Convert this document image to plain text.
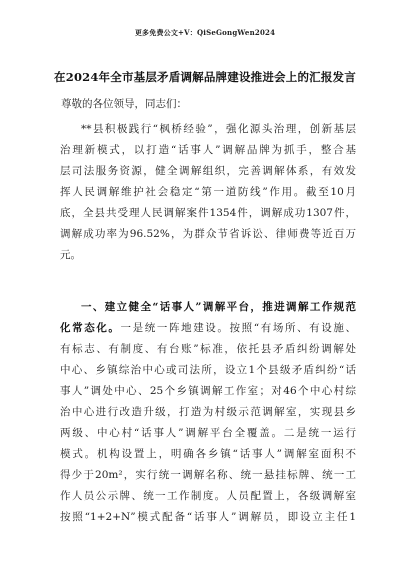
更多免费公文+V：QiSeGongWen2024
在2024年全市基层矛盾调解品牌建设推进会上的汇报发言
尊敬的各位领导，同志们：
**县积极践行“枫桥经验”，强化源头治理，创新基层
治理新模式，以打造“话事人”调解品牌为抓手，整合基
层司法服务资源，健全调解组织，完善调解体系，有效发
挥人民调解维护社会稳定“第一道防线”作用。截至10月
底，全县共受理人民调解案件1354件，调解成功1307件，
调解成功率为96.52%，为群众节省诉讼、律师费等近百万
元。
一、建立健全“话事人”调解平台，推进调解工作规范
化常态化。一是统一阵地建设。按照“有场所、有设施、
有标志、有制度、有台账”标准，依托县矛盾纠纷调解处
中心、乡镇综治中心或司法所，设立1个县级矛盾纠纷“话
事人”调处中心、25个乡镇调解工作室；对46个中心村综
治中心进行改造升级，打造为村级示范调解室，实现县乡
两级、中心村“话事人”调解平台全覆盖。二是统一运行
模式。机构设置上，明确各乡镇“话事人”调解室面积不
得少于20m²，实行统一调解名称、统一悬挂标牌、统一工
作人员公示牌、统一工作制度。人员配置上，各级调解室
按照“1+2+N”模式配备“话事人”调解员，即设立主任1
